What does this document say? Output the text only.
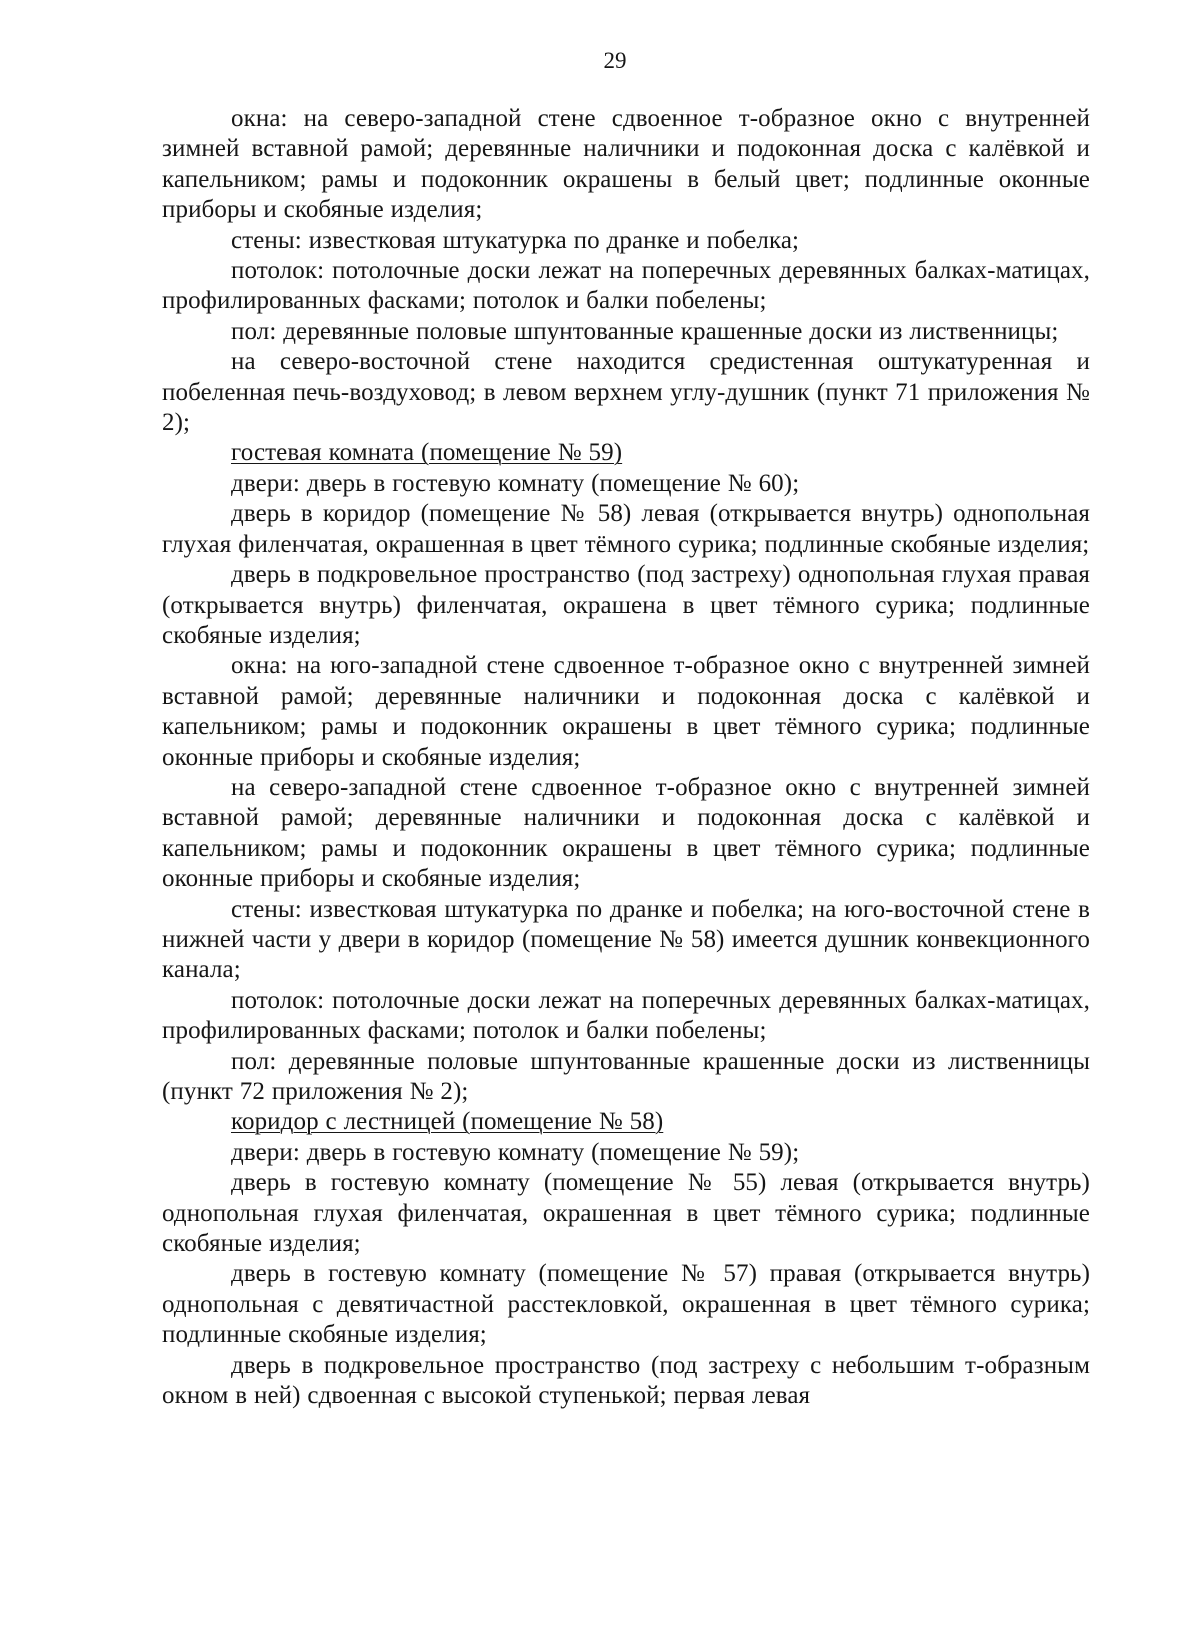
29

окна: на северо-западной стене сдвоенное т-образное окно с внутренней зимней вставной рамой; деревянные наличники и подоконная доска с калёвкой и капельником; рамы и подоконник окрашены в белый цвет; подлинные оконные приборы и скобяные изделия;

стены: известковая штукатурка по дранке и побелка;

потолок: потолочные доски лежат на поперечных деревянных балках-матицах, профилированных фасками; потолок и балки побелены;

пол: деревянные половые шпунтованные крашенные доски из лиственницы;

на северо-восточной стене находится средистенная оштукатуренная и побеленная печь-воздуховод; в левом верхнем углу-душник (пункт 71 приложения № 2);

гостевая комната (помещение № 59)

двери: дверь в гостевую комнату (помещение № 60);

дверь в коридор (помещение № 58) левая (открывается внутрь) однопольная глухая филенчатая, окрашенная в цвет тёмного сурика; подлинные скобяные изделия;

дверь в подкровельное пространство (под застреху) однопольная глухая правая (открывается внутрь) филенчатая, окрашена в цвет тёмного сурика; подлинные скобяные изделия;

окна: на юго-западной стене сдвоенное т-образное окно с внутренней зимней вставной рамой; деревянные наличники и подоконная доска с калёвкой и капельником; рамы и подоконник окрашены в цвет тёмного сурика; подлинные оконные приборы и скобяные изделия;

на северо-западной стене сдвоенное т-образное окно с внутренней зимней вставной рамой; деревянные наличники и подоконная доска с калёвкой и капельником; рамы и подоконник окрашены в цвет тёмного сурика; подлинные оконные приборы и скобяные изделия;

стены: известковая штукатурка по дранке и побелка; на юго-восточной стене в нижней части у двери в коридор (помещение № 58) имеется душник конвекционного канала;

потолок: потолочные доски лежат на поперечных деревянных балках-матицах, профилированных фасками; потолок и балки побелены;

пол: деревянные половые шпунтованные крашенные доски из лиственницы (пункт 72 приложения № 2);

коридор с лестницей (помещение № 58)

двери: дверь в гостевую комнату (помещение № 59);

дверь в гостевую комнату (помещение № 55) левая (открывается внутрь) однопольная глухая филенчатая, окрашенная в цвет тёмного сурика; подлинные скобяные изделия;

дверь в гостевую комнату (помещение № 57) правая (открывается внутрь) однопольная с девятичастной расстекловкой, окрашенная в цвет тёмного сурика; подлинные скобяные изделия;

дверь в подкровельное пространство (под застреху с небольшим т-образным окном в ней) сдвоенная с высокой ступенькой; первая левая
